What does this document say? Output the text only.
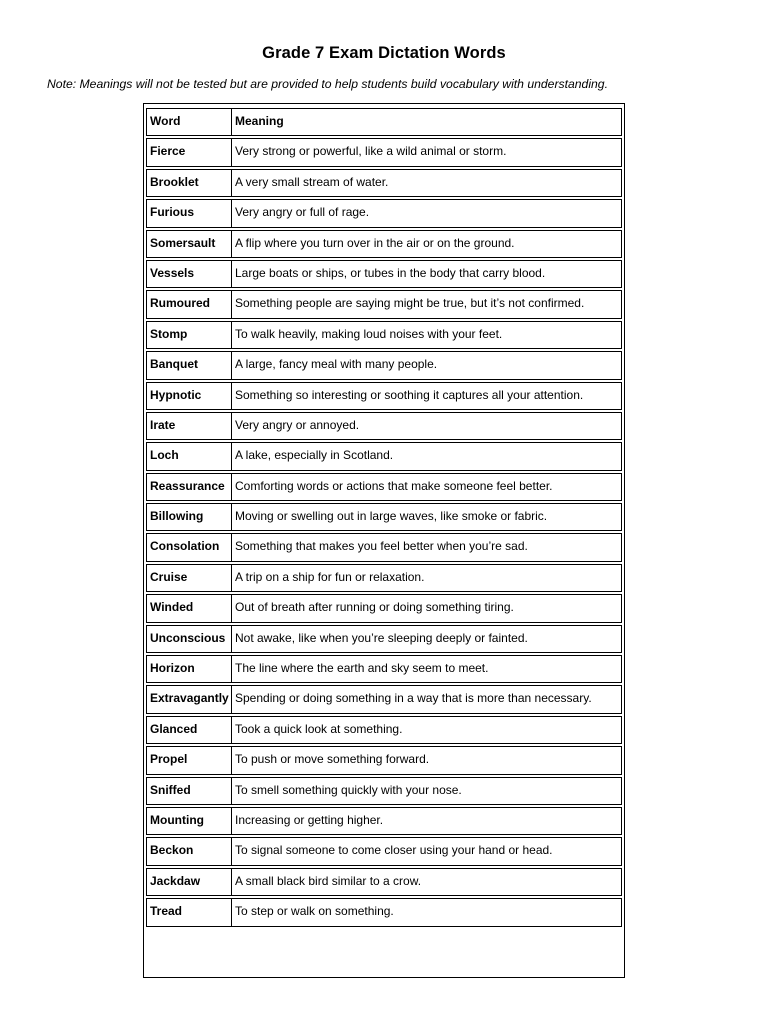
Grade 7 Exam Dictation Words
Note: Meanings will not be tested but are provided to help students build vocabulary with understanding.
Word	Meaning
Fierce	Very strong or powerful, like a wild animal or storm.
Brooklet	A very small stream of water.
Furious	Very angry or full of rage.
Somersault	A flip where you turn over in the air or on the ground.
Vessels	Large boats or ships, or tubes in the body that carry blood.
Rumoured	Something people are saying might be true, but it’s not confirmed.
Stomp	To walk heavily, making loud noises with your feet.
Banquet	A large, fancy meal with many people.
Hypnotic	Something so interesting or soothing it captures all your attention.
Irate	Very angry or annoyed.
Loch	A lake, especially in Scotland.
Reassurance	Comforting words or actions that make someone feel better.
Billowing	Moving or swelling out in large waves, like smoke or fabric.
Consolation	Something that makes you feel better when you’re sad.
Cruise	A trip on a ship for fun or relaxation.
Winded	Out of breath after running or doing something tiring.
Unconscious	Not awake, like when you’re sleeping deeply or fainted.
Horizon	The line where the earth and sky seem to meet.
Extravagantly	Spending or doing something in a way that is more than necessary.
Glanced	Took a quick look at something.
Propel	To push or move something forward.
Sniffed	To smell something quickly with your nose.
Mounting	Increasing or getting higher.
Beckon	To signal someone to come closer using your hand or head.
Jackdaw	A small black bird similar to a crow.
Tread	To step or walk on something.
